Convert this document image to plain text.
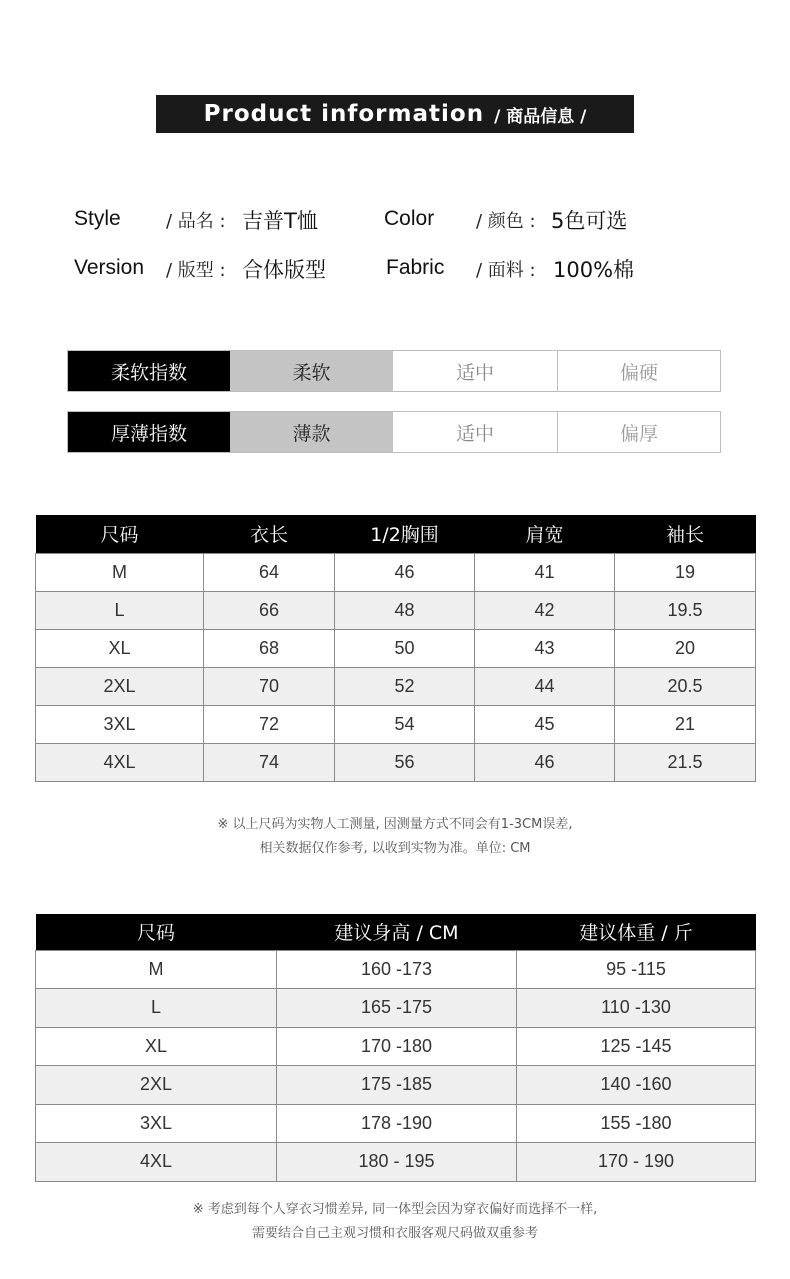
Product information / 商品信息 /
Style	/ 品名 : 吉普T恤	Color / 颜色 : 5色可选
Version / 版型 : 合体版型	Fabric / 面料 : 100%棉
柔软指数	柔软	适中	偏硬
厚薄指数	薄款	适中	偏厚
尺码	衣长	1/2胸围	肩宽	袖长
M	64	46	41	19
L	66	48	42	19.5
XL	68	50	43	20
2XL	70	52	44	20.5
3XL	72	54	45	21
4XL	74	56	46	21.5
※ 以上尺码为实物人工测量, 因测量方式不同会有1-3CM误差,
相关数据仅作参考, 以收到实物为准。单位: CM
尺码	建议身高 / CM	建议体重 / 斤
M	160 -173	95 -115
L	165 -175	110 -130
XL	170 -180	125 -145
2XL	175 -185	140 -160
3XL	178 -190	155 -180
4XL	180 - 195	170 - 190
※ 考虑到每个人穿衣习惯差异, 同一体型会因为穿衣偏好而选择不一样,
需要结合自己主观习惯和衣服客观尺码做双重参考
